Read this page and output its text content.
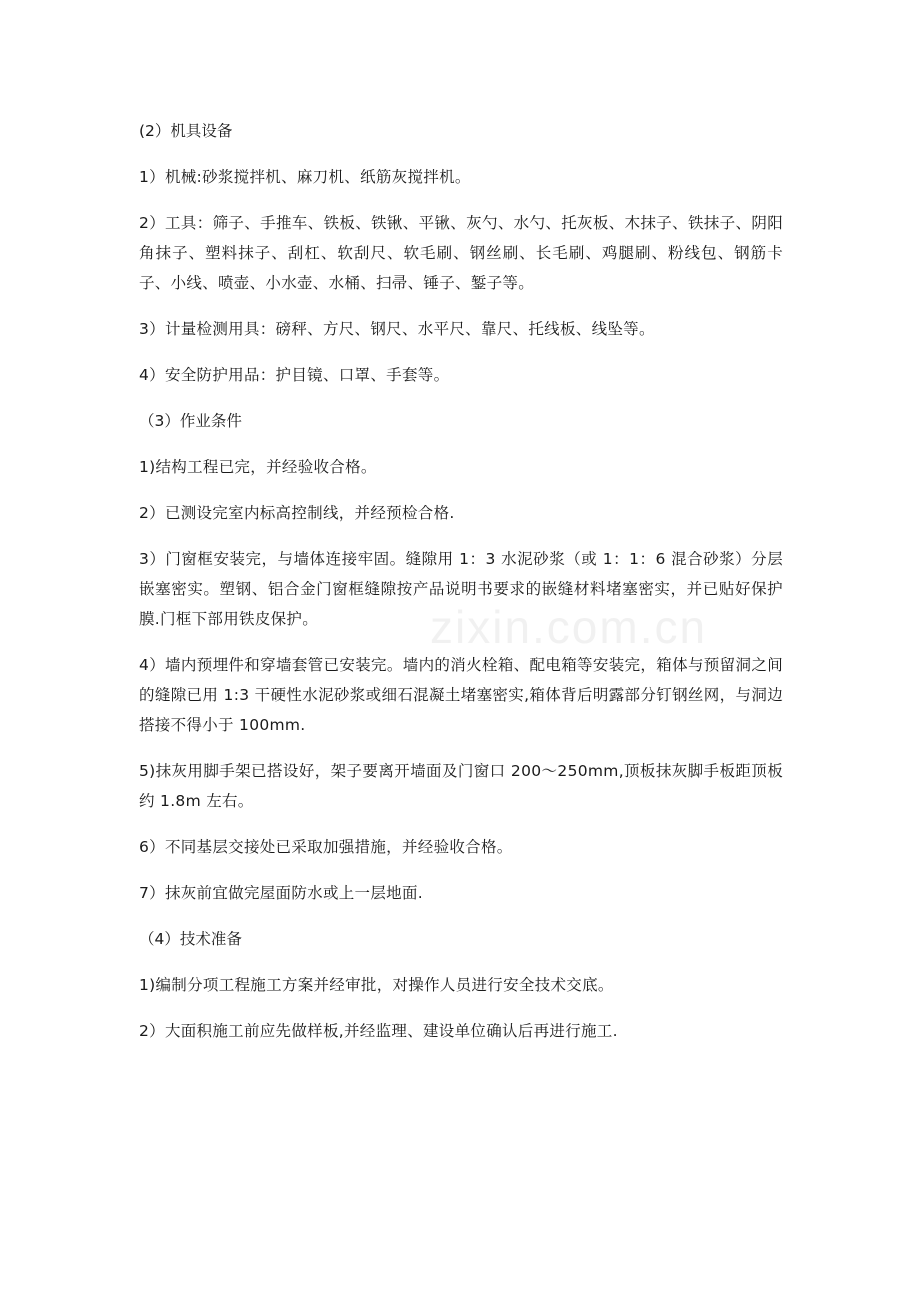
(2）机具设备

1）机械:砂浆搅拌机、麻刀机、纸筋灰搅拌机。

2）工具：筛子、手推车、铁板、铁锹、平锹、灰勺、水勺、托灰板、木抹子、铁抹子、阴阳角抹子、塑料抹子、刮杠、软刮尺、软毛刷、钢丝刷、长毛刷、鸡腿刷、粉线包、钢筋卡子、小线、喷壶、小水壶、水桶、扫帚、锤子、錾子等。

3）计量检测用具：磅秤、方尺、钢尺、水平尺、靠尺、托线板、线坠等。

4）安全防护用品：护目镜、口罩、手套等。

（3）作业条件

1)结构工程已完，并经验收合格。

2）已测设完室内标高控制线，并经预检合格.

3）门窗框安装完，与墙体连接牢固。缝隙用 1：3 水泥砂浆（或 1：1：6 混合砂浆）分层嵌塞密实。塑钢、铝合金门窗框缝隙按产品说明书要求的嵌缝材料堵塞密实，并已贴好保护膜.门框下部用铁皮保护。

4）墙内预埋件和穿墙套管已安装完。墙内的消火栓箱、配电箱等安装完，箱体与预留洞之间的缝隙已用 1:3 干硬性水泥砂浆或细石混凝土堵塞密实,箱体背后明露部分钉钢丝网，与洞边搭接不得小于 100mm.

5)抹灰用脚手架已搭设好，架子要离开墙面及门窗口 200～250mm,顶板抹灰脚手板距顶板约 1.8m 左右。

6）不同基层交接处已采取加强措施，并经验收合格。

7）抹灰前宜做完屋面防水或上一层地面.

（4）技术准备

1)编制分项工程施工方案并经审批，对操作人员进行安全技术交底。

2）大面积施工前应先做样板,并经监理、建设单位确认后再进行施工.

zixin.com.cn
